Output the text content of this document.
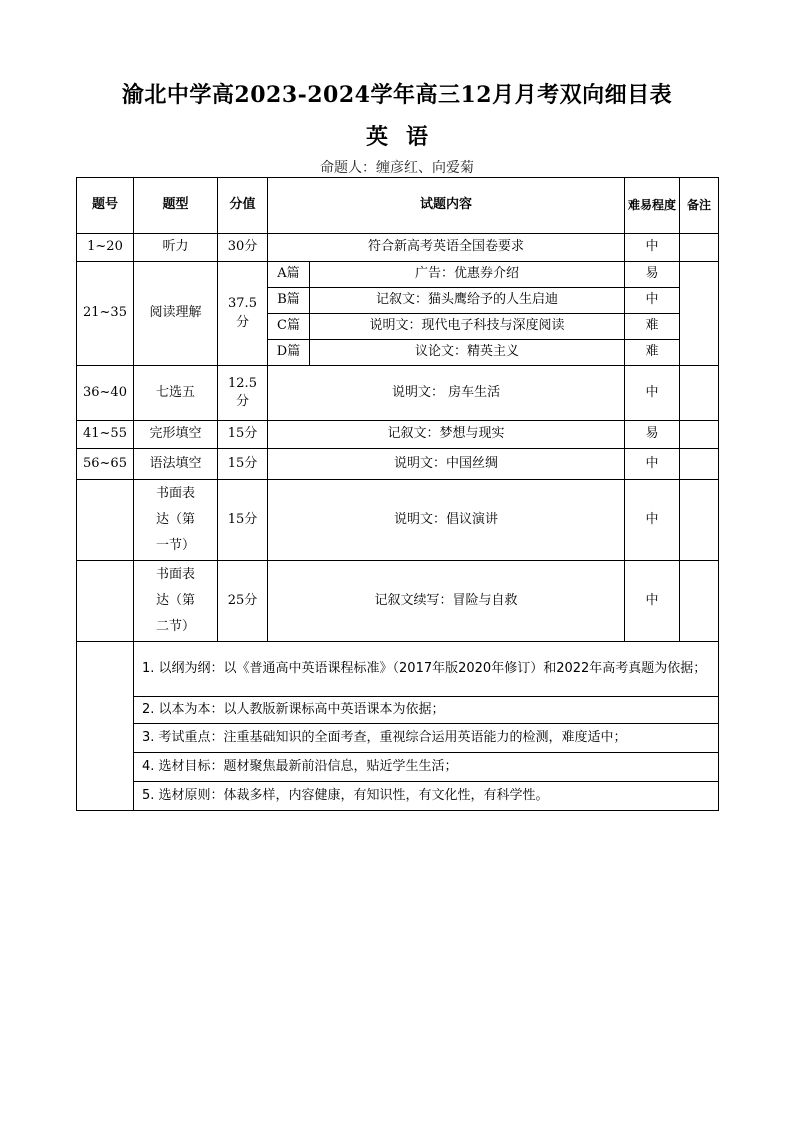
渝北中学高2023-2024学年高三12月月考双向细目表
英语
命题人：缠彦红、向爱菊
题号	题型	分值	试题内容		难易程度	备注
1~20	听力	30分	符合新高考英语全国卷要求		中	
21~35	阅读理解	37.5分	A篇	广告：优惠券介绍	易	
			B篇	记叙文：猫头鹰给予的人生启迪	中	
			C篇	说明文：现代电子科技与深度阅读	难	
			D篇	议论文：精英主义	难	
36~40	七选五	12.5分	说明文： 房车生活		中	
41~55	完形填空	15分	记叙文：梦想与现实		易	
56~65	语法填空	15分	说明文：中国丝绸		中	
	书面表达（第一节）	15分	说明文：倡议演讲		中	
	书面表达（第二节）	25分	记叙文续写：冒险与自救		中	
	1. 以纲为纲：以《普通高中英语课程标准》（2017年版2020年修订）和2022年高考真题为依据；					
	2. 以本为本：以人教版新课标高中英语课本为依据；					
	3. 考试重点：注重基础知识的全面考查，重视综合运用英语能力的检测，难度适中；					
	4. 选材目标：题材聚焦最新前沿信息，贴近学生生活；					
	5. 选材原则：体裁多样，内容健康，有知识性，有文化性，有科学性。					
